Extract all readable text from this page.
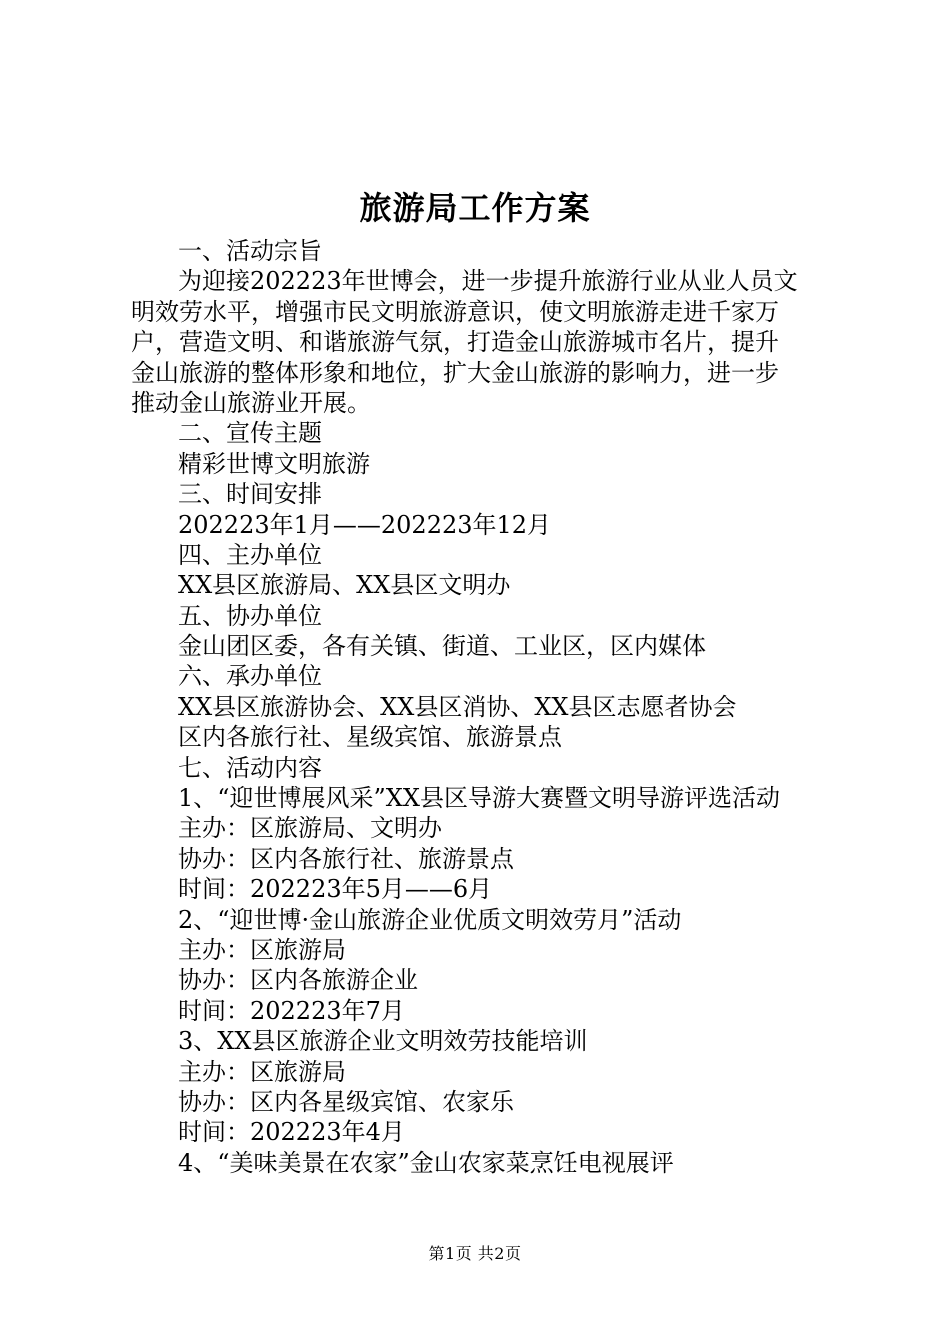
旅游局工作方案
一、活动宗旨
为迎接202223年世博会，进一步提升旅游行业从业人员文
明效劳水平，增强市民文明旅游意识，使文明旅游走进千家万
户，营造文明、和谐旅游气氛，打造金山旅游城市名片，提升
金山旅游的整体形象和地位，扩大金山旅游的影响力，进一步
推动金山旅游业开展。
二、宣传主题
精彩世博文明旅游
三、时间安排
202223年1月——202223年12月
四、主办单位
XX县区旅游局、XX县区文明办
五、协办单位
金山团区委，各有关镇、街道、工业区，区内媒体
六、承办单位
XX县区旅游协会、XX县区消协、XX县区志愿者协会
区内各旅行社、星级宾馆、旅游景点
七、活动内容
1、“迎世博展风采”XX县区导游大赛暨文明导游评选活动
主办：区旅游局、文明办
协办：区内各旅行社、旅游景点
时间：202223年5月——6月
2、“迎世博·金山旅游企业优质文明效劳月”活动
主办：区旅游局
协办：区内各旅游企业
时间：202223年7月
3、XX县区旅游企业文明效劳技能培训
主办：区旅游局
协办：区内各星级宾馆、农家乐
时间：202223年4月
4、“美味美景在农家”金山农家菜烹饪电视展评
第1页 共2页
